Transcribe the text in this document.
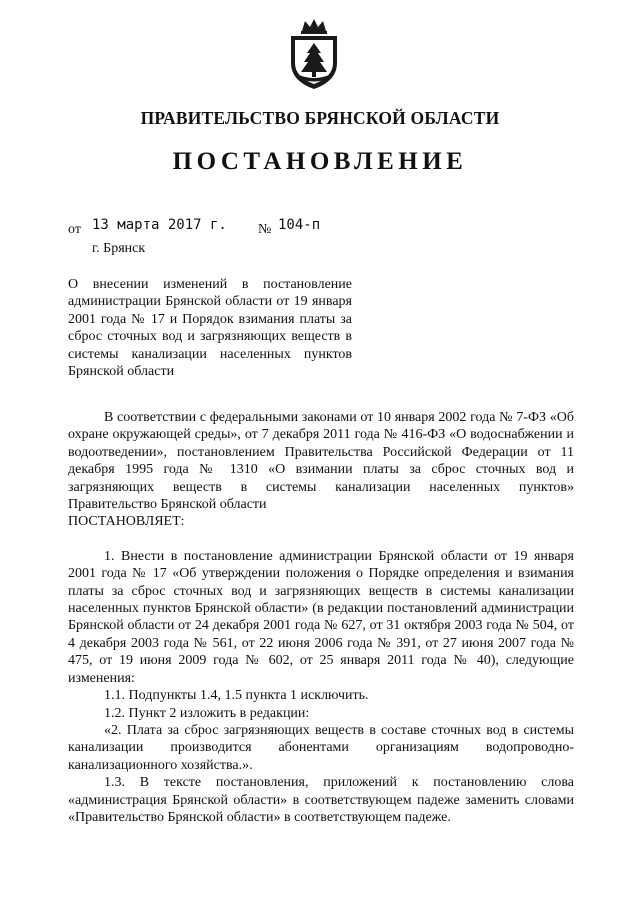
ПРАВИТЕЛЬСТВО БРЯНСКОЙ ОБЛАСТИ
ПОСТАНОВЛЕНИЕ
от 13 марта 2017 г. № 104-п
г. Брянск
О внесении изменений в постановление администрации Брянской области от 19 января 2001 года № 17 и Порядок взимания платы за сброс сточных вод и загрязняющих веществ в системы канализации населенных пунктов Брянской области

В соответствии с федеральными законами от 10 января 2002 года № 7-ФЗ «Об охране окружающей среды», от 7 декабря 2011 года № 416-ФЗ «О водоснабжении и водоотведении», постановлением Правительства Российской Федерации от 11 декабря 1995 года № 1310 «О взимании платы за сброс сточных вод и загрязняющих веществ в системы канализации населенных пунктов» Правительство Брянской области

ПОСТАНОВЛЯЕТ:

1. Внести в постановление администрации Брянской области от 19 января 2001 года № 17 «Об утверждении положения о Порядке определения и взимания платы за сброс сточных вод и загрязняющих веществ в системы канализации населенных пунктов Брянской области» (в редакции постановлений администрации Брянской области от 24 декабря 2001 года № 627, от 31 октября 2003 года № 504, от 4 декабря 2003 года № 561, от 22 июня 2006 года № 391, от 27 июня 2007 года № 475, от 19 июня 2009 года № 602, от 25 января 2011 года № 40), следующие изменения:

1.1. Подпункты 1.4, 1.5 пункта 1 исключить.

1.2. Пункт 2 изложить в редакции:

«2. Плата за сброс загрязняющих веществ в составе сточных вод в системы канализации производится абонентами организациям водопроводно-канализационного хозяйства.».

1.3. В тексте постановления, приложений к постановлению слова «администрация Брянской области» в соответствующем падеже заменить словами «Правительство Брянской области» в соответствующем падеже.
